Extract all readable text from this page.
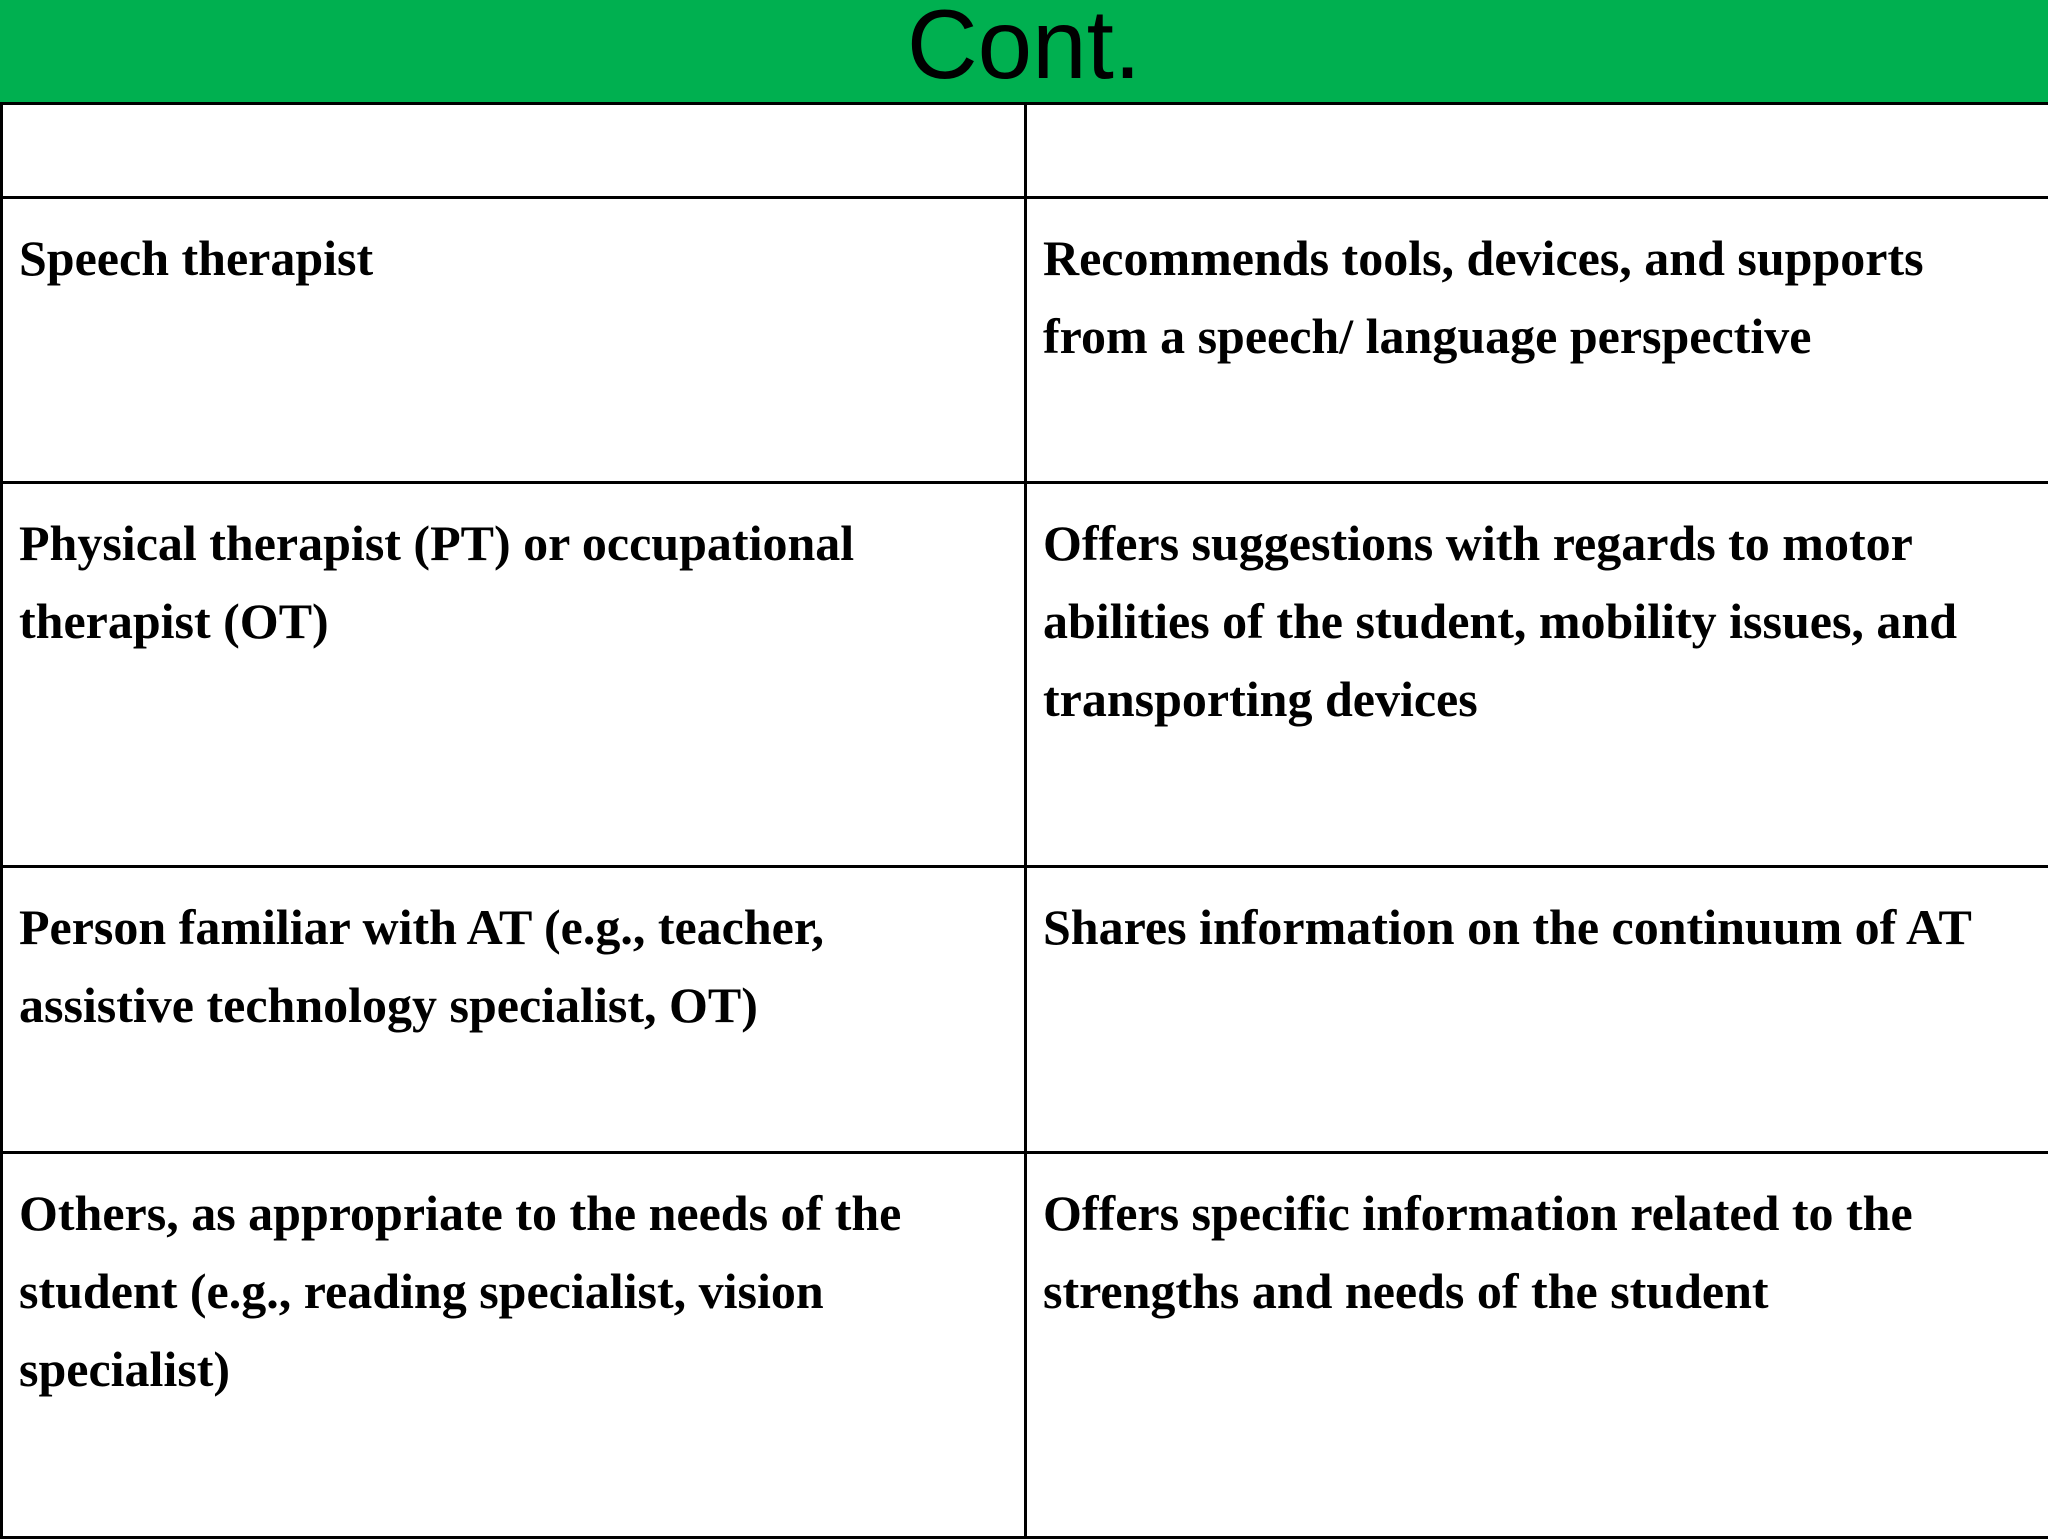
Cont.

Speech therapist	Recommends tools, devices, and supports from a speech/ language perspective
Physical therapist (PT) or occupational therapist (OT)	Offers suggestions with regards to motor abilities of the student, mobility issues, and transporting devices
Person familiar with AT (e.g., teacher, assistive technology specialist, OT)	Shares information on the continuum of AT
Others, as appropriate to the needs of the student (e.g., reading specialist, vision specialist)	Offers specific information related to the strengths and needs of the student
